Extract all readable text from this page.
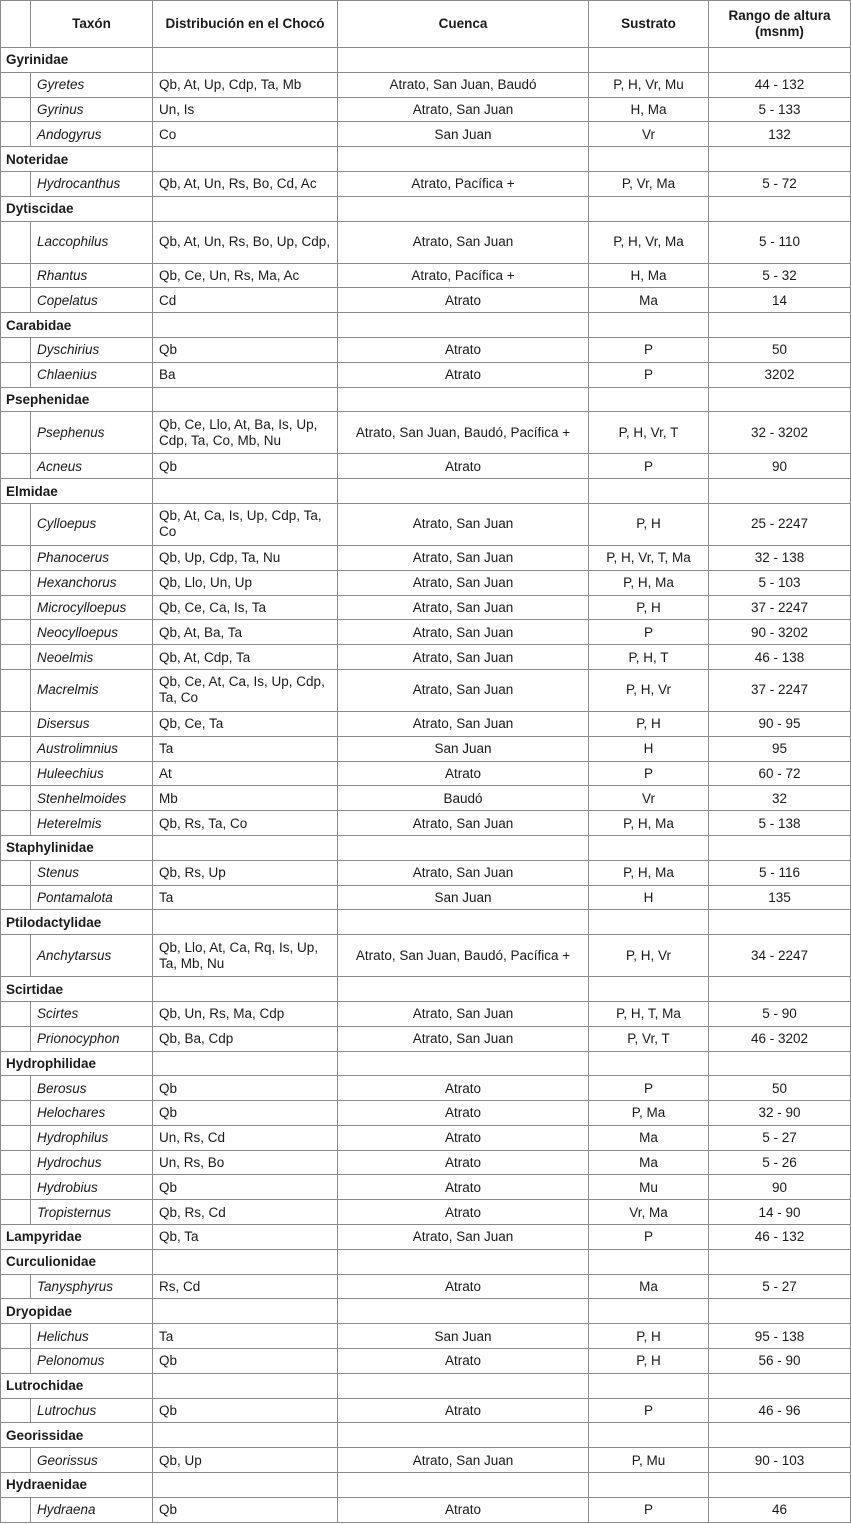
	Taxón	Distribución en el Chocó	Cuenca	Sustrato	Rango de altura (msnm)
Gyrinidae					
	Gyretes	Qb, At, Up, Cdp, Ta, Mb	Atrato, San Juan, Baudó	P, H, Vr, Mu	44 - 132
	Gyrinus	Un, Is	Atrato, San Juan	H, Ma	5 - 133
	Andogyrus	Co	San Juan	Vr	132
Noteridae					
	Hydrocanthus	Qb, At, Un, Rs, Bo, Cd, Ac	Atrato, Pacífica +	P, Vr, Ma	5 - 72
Dytiscidae					
	Laccophilus	Qb, At, Un, Rs, Bo, Up, Cdp,	Atrato, San Juan	P, H, Vr, Ma	5 - 110
	Rhantus	Qb, Ce, Un, Rs, Ma, Ac	Atrato, Pacífica +	H, Ma	5 - 32
	Copelatus	Cd	Atrato	Ma	14
Carabidae					
	Dyschirius	Qb	Atrato	P	50
	Chlaenius	Ba	Atrato	P	3202
Psephenidae					
	Psephenus	Qb, Ce, Llo, At, Ba, Is, Up, Cdp, Ta, Co, Mb, Nu	Atrato, San Juan, Baudó, Pacífica +	P, H, Vr, T	32 - 3202
	Acneus	Qb	Atrato	P	90
Elmidae					
	Cylloepus	Qb, At, Ca, Is, Up, Cdp, Ta, Co	Atrato, San Juan	P, H	25 - 2247
	Phanocerus	Qb, Up, Cdp, Ta, Nu	Atrato, San Juan	P, H, Vr, T, Ma	32 - 138
	Hexanchorus	Qb, Llo, Un, Up	Atrato, San Juan	P, H, Ma	5 - 103
	Microcylloepus	Qb, Ce, Ca, Is, Ta	Atrato, San Juan	P, H	37 - 2247
	Neocylloepus	Qb, At, Ba, Ta	Atrato, San Juan	P	90 - 3202
	Neoelmis	Qb, At, Cdp, Ta	Atrato, San Juan	P, H, T	46 - 138
	Macrelmis	Qb, Ce, At, Ca, Is, Up, Cdp, Ta, Co	Atrato, San Juan	P, H, Vr	37 - 2247
	Disersus	Qb, Ce, Ta	Atrato, San Juan	P, H	90 - 95
	Austrolimnius	Ta	San Juan	H	95
	Huleechius	At	Atrato	P	60 - 72
	Stenhelmoides	Mb	Baudó	Vr	32
	Heterelmis	Qb, Rs, Ta, Co	Atrato, San Juan	P, H, Ma	5 - 138
Staphylinidae					
	Stenus	Qb, Rs, Up	Atrato, San Juan	P, H, Ma	5 - 116
	Pontamalota	Ta	San Juan	H	135
Ptilodactylidae					
	Anchytarsus	Qb, Llo, At, Ca, Rq, Is, Up, Ta, Mb, Nu	Atrato, San Juan, Baudó, Pacífica +	P, H, Vr	34 - 2247
Scirtidae					
	Scirtes	Qb, Un, Rs, Ma, Cdp	Atrato, San Juan	P, H, T, Ma	5 - 90
	Prionocyphon	Qb, Ba, Cdp	Atrato, San Juan	P, Vr, T	46 - 3202
Hydrophilidae					
	Berosus	Qb	Atrato	P	50
	Helochares	Qb	Atrato	P, Ma	32 - 90
	Hydrophilus	Un, Rs, Cd	Atrato	Ma	5 - 27
	Hydrochus	Un, Rs, Bo	Atrato	Ma	5 - 26
	Hydrobius	Qb	Atrato	Mu	90
	Tropisternus	Qb, Rs, Cd	Atrato	Vr, Ma	14 - 90
Lampyridae		Qb, Ta	Atrato, San Juan	P	46 - 132
Curculionidae					
	Tanysphyrus	Rs, Cd	Atrato	Ma	5 - 27
Dryopidae					
	Helichus	Ta	San Juan	P, H	95 - 138
	Pelonomus	Qb	Atrato	P, H	56 - 90
Lutrochidae					
	Lutrochus	Qb	Atrato	P	46 - 96
Georissidae					
	Georissus	Qb, Up	Atrato, San Juan	P, Mu	90 - 103
Hydraenidae					
	Hydraena	Qb	Atrato	P	46
